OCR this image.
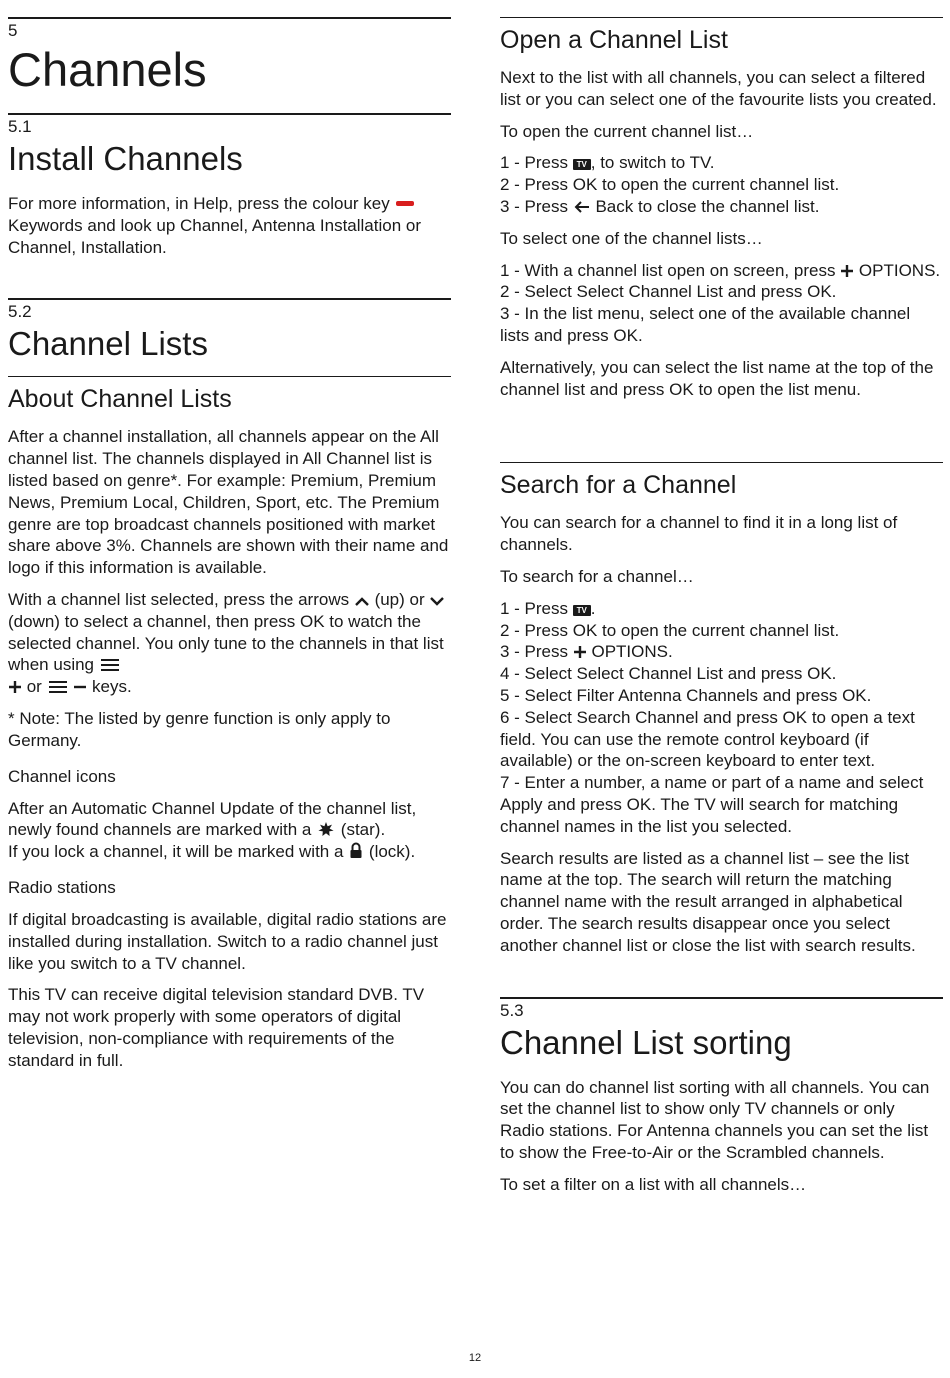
5
Channels
5.1
Install Channels

For more information, in Help, press the colour key Keywords and look up Channel, Antenna Installation or Channel, Installation.

5.2
Channel Lists
About Channel Lists

After a channel installation, all channels appear on the All channel list. The channels displayed in All Channel list is listed based on genre*. For example: Premium, Premium News, Premium Local, Children, Sport, etc. The Premium genre are top broadcast channels positioned with market share above 3%. Channels are shown with their name and logo if this information is available.

With a channel list selected, press the arrows  (up) or  (down) to select a channel, then press OK to watch the selected channel. You only tune to the channels in that list when using
or   keys.

* Note: The listed by genre function is only apply to Germany.

Channel icons

After an Automatic Channel Update of the channel list, newly found channels are marked with a  (star).
If you lock a channel, it will be marked with a  (lock).

Radio stations

If digital broadcasting is available, digital radio stations are installed during installation. Switch to a radio channel just like you switch to a TV channel.

This TV can receive digital television standard DVB. TV may not work properly with some operators of digital television, non-compliance with requirements of the standard in full.

Open a Channel List

Next to the list with all channels, you can select a filtered list or you can select one of the favourite lists you created.

To open the current channel list…

1 - Press TV , to switch to TV.
2 - Press OK to open the current channel list.
3 - Press  Back to close the channel list.

To select one of the channel lists…

1 - With a channel list open on screen, press  OPTIONS.
2 - Select Select Channel List and press OK.
3 - In the list menu, select one of the available channel lists and press OK.

Alternatively, you can select the list name at the top of the channel list and press OK to open the list menu.

Search for a Channel

You can search for a channel to find it in a long list of channels.

To search for a channel…

1 - Press TV .
2 - Press OK to open the current channel list.
3 - Press  OPTIONS.
4 - Select Select Channel List and press OK.
5 - Select Filter Antenna Channels and press OK.
6 - Select Search Channel and press OK to open a text field. You can use the remote control keyboard (if available) or the on-screen keyboard to enter text.
7 - Enter a number, a name or part of a name and select Apply and press OK. The TV will search for matching channel names in the list you selected.

Search results are listed as a channel list – see the list name at the top. The search will return the matching channel name with the result arranged in alphabetical order. The search results disappear once you select another channel list or close the list with search results.

5.3
Channel List sorting

You can do channel list sorting with all channels. You can set the channel list to show only TV channels or only Radio stations. For Antenna channels you can set the list to show the Free-to-Air or the Scrambled channels.

To set a filter on a list with all channels…

12
